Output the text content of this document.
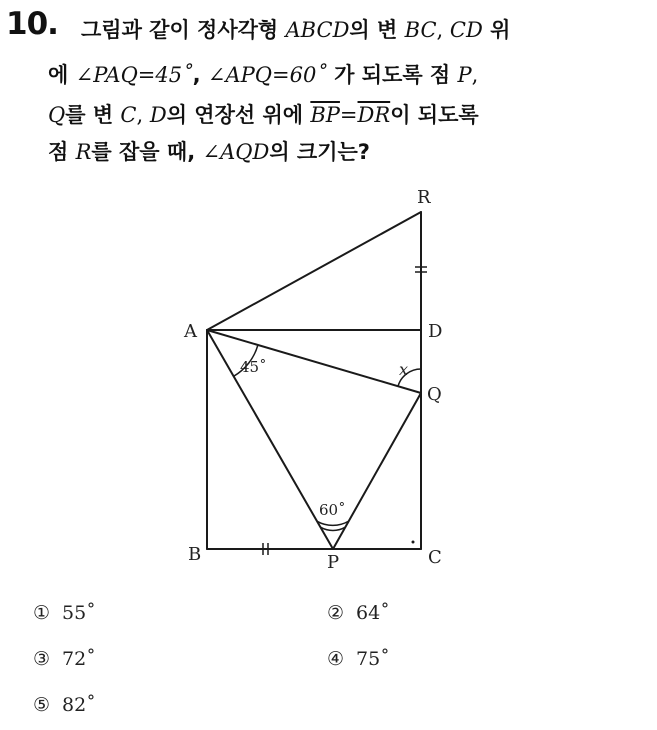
10. 그림과 같이 정사각형 ABCD의 변 BC, CD 위
에 ∠PAQ=45˚, ∠APQ=60˚ 가 되도록 점 P,
Q를 변 C, D의 연장선 위에 $\overline{BP}=\overline{DR}$이 되도록
점 R를 잡을 때, ∠AQD의 크기는?
R
A	D
Q
B	P	C
x
45˚
60˚
① 55˚	② 64˚
③ 72˚	④ 75˚
⑤ 82˚
